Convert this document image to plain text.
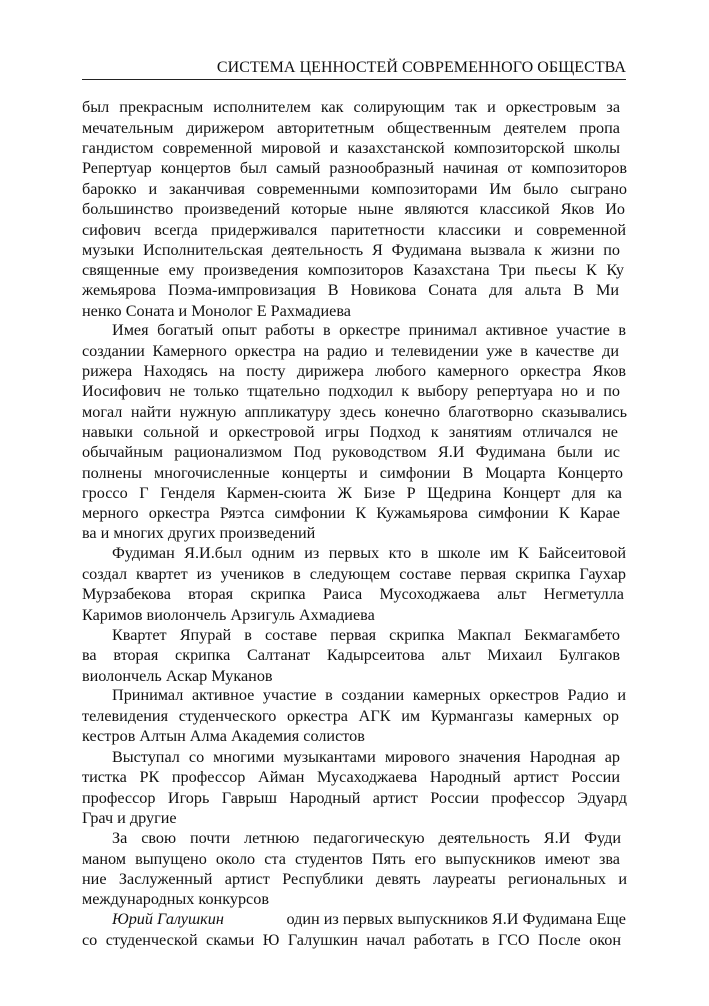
СИСТЕМА ЦЕННОСТЕЙ СОВРЕМЕННОГО ОБЩЕСТВА
был прекрасным исполнителем как солирующим так и оркестровым за
мечательным дирижером авторитетным общественным деятелем пропа
гандистом современной мировой и казахстанской композиторской школы
Репертуар концертов был самый разнообразный начиная от композиторов
барокко и заканчивая современными композиторами Им было сыграно
большинство произведений которые ныне являются классикой Яков Ио
сифович всегда придерживался паритетности классики и современной
музыки Исполнительская деятельность Я Фудимана вызвала к жизни по
священные ему произведения композиторов Казахстана Три пьесы К Ку
жемьярова Поэма-импровизация В Новикова Соната для альта В Ми
ненко Соната и Монолог Е Рахмадиева
Имея богатый опыт работы в оркестре принимал активное участие в
создании Камерного оркестра на радио и телевидении уже в качестве ди
рижера Находясь на посту дирижера любого камерного оркестра Яков
Иосифович не только тщательно подходил к выбору репертуара но и по
могал найти нужную аппликатуру здесь конечно благотворно сказывались
навыки сольной и оркестровой игры Подход к занятиям отличался не
обычайным рационализмом Под руководством Я.И Фудимана были ис
полнены многочисленные концерты и симфонии В Моцарта Концерто
гроссо Г Генделя Кармен-сюита Ж Бизе Р Щедрина Концерт для ка
мерного оркестра Ряэтса симфонии К Кужамьярова симфонии К Карае
ва и многих других произведений
Фудиман Я.И.был одним из первых кто в школе им К Байсеитовой
создал квартет из учеников в следующем составе первая скрипка Гаухар
Мурзабекова вторая скрипка Раиса Мусоходжаева альт Негметулла
Каримов виолончель Арзигуль Ахмадиева
Квартет Япурай в составе первая скрипка Макпал Бекмагамбето
ва вторая скрипка Салтанат Кадырсеитова альт Михаил Булгаков
виолончель Аскар Муканов
Принимал активное участие в создании камерных оркестров Радио и
телевидения студенческого оркестра АГК им Курмангазы камерных ор
кестров Алтын Алма Академия солистов
Выступал со многими музыкантами мирового значения Народная ар
тистка РК профессор Айман Мусаходжаева Народный артист России
профессор Игорь Гаврыш Народный артист России профессор Эдуард
Грач и другие
За свою почти летнюю педагогическую деятельность Я.И Фуди
маном выпущено около ста студентов Пять его выпускников имеют зва
ние Заслуженный артист Республики девять лауреаты региональных и
международных конкурсов
Юрий Галушкин	один из первых выпускников Я.И Фудимана Еще
со студенческой скамьи Ю Галушкин начал работать в ГСО После окон
